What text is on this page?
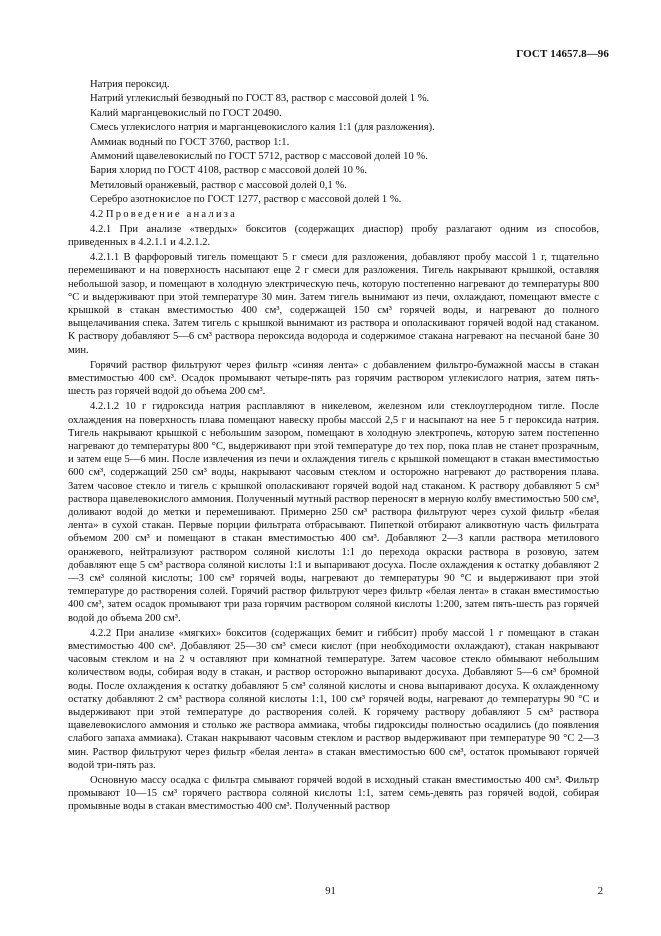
ГОСТ 14657.8—96

Натрия пероксид.

Натрий углекислый безводный по ГОСТ 83, раствор с массовой долей 1 %.

Калий марганцевокислый по ГОСТ 20490.

Смесь углекислого натрия и марганцевокислого калия 1:1 (для разложения).

Аммиак водный по ГОСТ 3760, раствор 1:1.

Аммоний щавелевокислый по ГОСТ 5712, раствор с массовой долей 10 %.

Бария хлорид по ГОСТ 4108, раствор с массовой долей 10 %.

Метиловый оранжевый, раствор с массовой долей 0,1 %.

Серебро азотнокислое по ГОСТ 1277, раствор с массовой долей 1 %.

4.2 Проведение анализа

4.2.1 При анализе «твердых» бокситов (содержащих диаспор) пробу разлагают одним из способов, приведенных в 4.2.1.1 и 4.2.1.2.

4.2.1.1 В фарфоровый тигель помещают 5 г смеси для разложения, добавляют пробу массой 1 г, тщательно перемешивают и на поверхность насыпают еще 2 г смеси для разложения. Тигель накрывают крышкой, оставляя небольшой зазор, и помещают в холодную электрическую печь, которую постепенно нагревают до температуры 800 °С и выдерживают при этой температуре 30 мин. Затем тигель вынимают из печи, охлаждают, помещают вместе с крышкой в стакан вместимостью 400 см³, содержащей 150 см³ горячей воды, и нагревают до полного выщелачивания спека. Затем тигель с крышкой вынимают из раствора и ополаскивают горячей водой над стаканом. К раствору добавляют 5—6 см³ раствора пероксида водорода и содержимое стакана нагревают на песчаной бане 30 мин.

Горячий раствор фильтруют через фильтр «синяя лента» с добавлением фильтро-бумажной массы в стакан вместимостью 400 см³. Осадок промывают четыре-пять раз горячим раствором углекислого натрия, затем пять-шесть раз горячей водой до объема 200 см³.

4.2.1.2 10 г гидроксида натрия расплавляют в никелевом, железном или стеклоуглеродном тигле. После охлаждения на поверхность плава помещают навеску пробы массой 2,5 г и насыпают на нее 5 г пероксида натрия. Тигель накрывают крышкой с небольшим зазором, помещают в холодную электропечь, которую затем постепенно нагревают до температуры 800 °С, выдерживают при этой температуре до тех пор, пока плав не станет прозрачным, и затем еще 5—6 мин. После извлечения из печи и охлаждения тигель с крышкой помещают в стакан вместимостью 600 см³, содержащий 250 см³ воды, накрывают часовым стеклом и осторожно нагревают до растворения плава. Затем часовое стекло и тигель с крышкой ополаскивают горячей водой над стаканом. К раствору добавляют 5 см³ раствора щавелевокислого аммония. Полученный мутный раствор переносят в мерную колбу вместимостью 500 см³, доливают водой до метки и перемешивают. Примерно 250 см³ раствора фильтруют через сухой фильтр «белая лента» в сухой стакан. Первые порции фильтрата отбрасывают. Пипеткой отбирают аликвотную часть фильтрата объемом 200 см³ и помещают в стакан вместимостью 400 см³. Добавляют 2—3 капли раствора метилового оранжевого, нейтрализуют раствором соляной кислоты 1:1 до перехода окраски раствора в розовую, затем добавляют еще 5 см³ раствора соляной кислоты 1:1 и выпаривают досуха. После охлаждения к остатку добавляют 2—3 см³ соляной кислоты; 100 см³ горячей воды, нагревают до температуры 90 °С и выдерживают при этой температуре до растворения солей. Горячий раствор фильтруют через фильтр «белая лента» в стакан вместимостью 400 см³, затем осадок промывают три раза горячим раствором соляной кислоты 1:200, затем пять-шесть раз горячей водой до объема 200 см³.

4.2.2 При анализе «мягких» бокситов (содержащих бемит и гиббсит) пробу массой 1 г помещают в стакан вместимостью 400 см³. Добавляют 25—30 см³ смеси кислот (при необходимости охлаждают), стакан накрывают часовым стеклом и на 2 ч оставляют при комнатной температуре. Затем часовое стекло обмывают небольшим количеством воды, собирая воду в стакан, и раствор осторожно выпаривают досуха. Добавляют 5—6 см³ бромной воды. После охлаждения к остатку добавляют 5 см³ соляной кислоты и снова выпаривают досуха. К охлажденному остатку добавляют 2 см³ раствора соляной кислоты 1:1, 100 см³ горячей воды, нагревают до температуры 90 °С и выдерживают при этой температуре до растворения солей. К горячему раствору добавляют 5 см³ раствора щавелевокислого аммония и столько же раствора аммиака, чтобы гидроксиды полностью осадились (до появления слабого запаха аммиака). Стакан накрывают часовым стеклом и раствор выдерживают при температуре 90 °С 2—3 мин. Раствор фильтруют через фильтр «белая лента» в стакан вместимостью 600 см³, остаток промывают горячей водой три-пять раз.

Основную массу осадка с фильтра смывают горячей водой в исходный стакан вместимостью 400 см³. Фильтр промывают 10—15 см³ горячего раствора соляной кислоты 1:1, затем семь-девять раз горячей водой, собирая промывные воды в стакан вместимостью 400 см³. Полученный раствор

91	2
